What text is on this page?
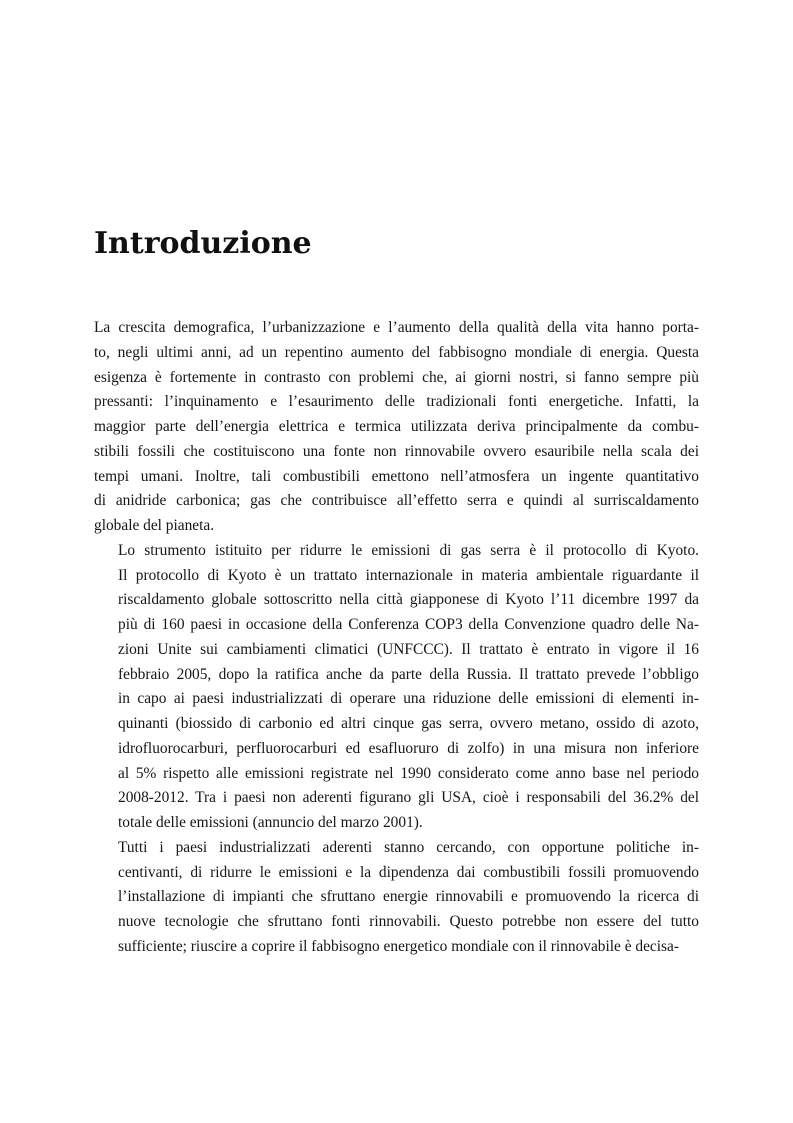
Introduzione

La crescita demografica, l’urbanizzazione e l’aumento della qualità della vita hanno porta-
to, negli ultimi anni, ad un repentino aumento del fabbisogno mondiale di energia. Questa
esigenza è fortemente in contrasto con problemi che, ai giorni nostri, si fanno sempre più
pressanti: l’inquinamento e l’esaurimento delle tradizionali fonti energetiche. Infatti, la
maggior parte dell’energia elettrica e termica utilizzata deriva principalmente da combu-
stibili fossili che costituiscono una fonte non rinnovabile ovvero esauribile nella scala dei
tempi umani. Inoltre, tali combustibili emettono nell’atmosfera un ingente quantitativo
di anidride carbonica; gas che contribuisce all’effetto serra e quindi al surriscaldamento
globale del pianeta.

Lo strumento istituito per ridurre le emissioni di gas serra è il protocollo di Kyoto.
Il protocollo di Kyoto è un trattato internazionale in materia ambientale riguardante il
riscaldamento globale sottoscritto nella città giapponese di Kyoto l’11 dicembre 1997 da
più di 160 paesi in occasione della Conferenza COP3 della Convenzione quadro delle Na-
zioni Unite sui cambiamenti climatici (UNFCCC). Il trattato è entrato in vigore il 16
febbraio 2005, dopo la ratifica anche da parte della Russia. Il trattato prevede l’obbligo
in capo ai paesi industrializzati di operare una riduzione delle emissioni di elementi in-
quinanti (biossido di carbonio ed altri cinque gas serra, ovvero metano, ossido di azoto,
idrofluorocarburi, perfluorocarburi ed esafluoruro di zolfo) in una misura non inferiore
al 5% rispetto alle emissioni registrate nel 1990 considerato come anno base nel periodo
2008-2012. Tra i paesi non aderenti figurano gli USA, cioè i responsabili del 36.2% del
totale delle emissioni (annuncio del marzo 2001).

Tutti i paesi industrializzati aderenti stanno cercando, con opportune politiche in-
centivanti, di ridurre le emissioni e la dipendenza dai combustibili fossili promuovendo
l’installazione di impianti che sfruttano energie rinnovabili e promuovendo la ricerca di
nuove tecnologie che sfruttano fonti rinnovabili. Questo potrebbe non essere del tutto
sufficiente; riuscire a coprire il fabbisogno energetico mondiale con il rinnovabile è decisa-
